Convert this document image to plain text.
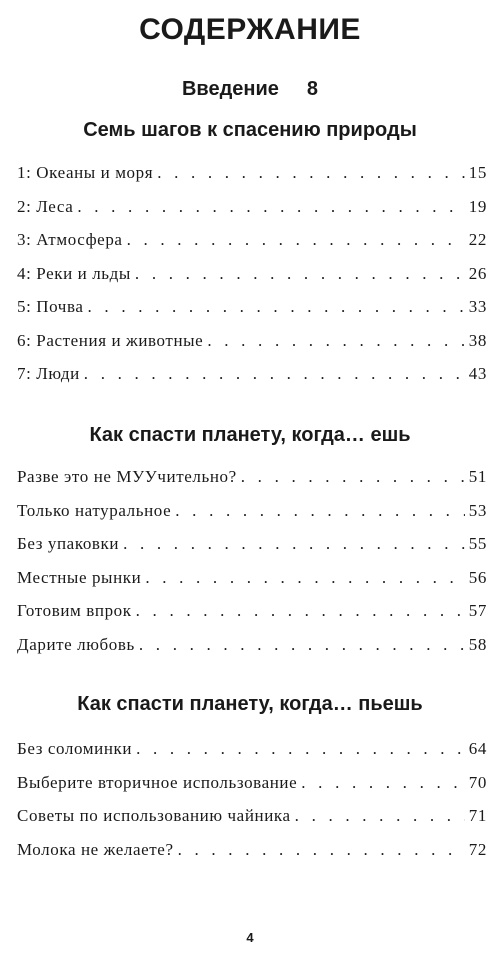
СОДЕРЖАНИЕ
Введение 8
Семь шагов к спасению природы
1: Океаны и моря . . .	15
2: Леса . . .	19
3: Атмосфера . . .	22
4: Реки и льды . . .	26
5: Почва . . .	33
6: Растения и животные . . .	38
7: Люди . . .	43
Как спасти планету, когда… ешь
Разве это не МУУчительно? . . .	51
Только натуральное . . .	53
Без упаковки . . .	55
Местные рынки . . .	56
Готовим впрок . . .	57
Дарите любовь . . .	58
Как спасти планету, когда… пьешь
Без соломинки . . .	64
Выберите вторичное использование . . .	70
Советы по использованию чайника . . .	71
Молока не желаете? . . .	72
4
